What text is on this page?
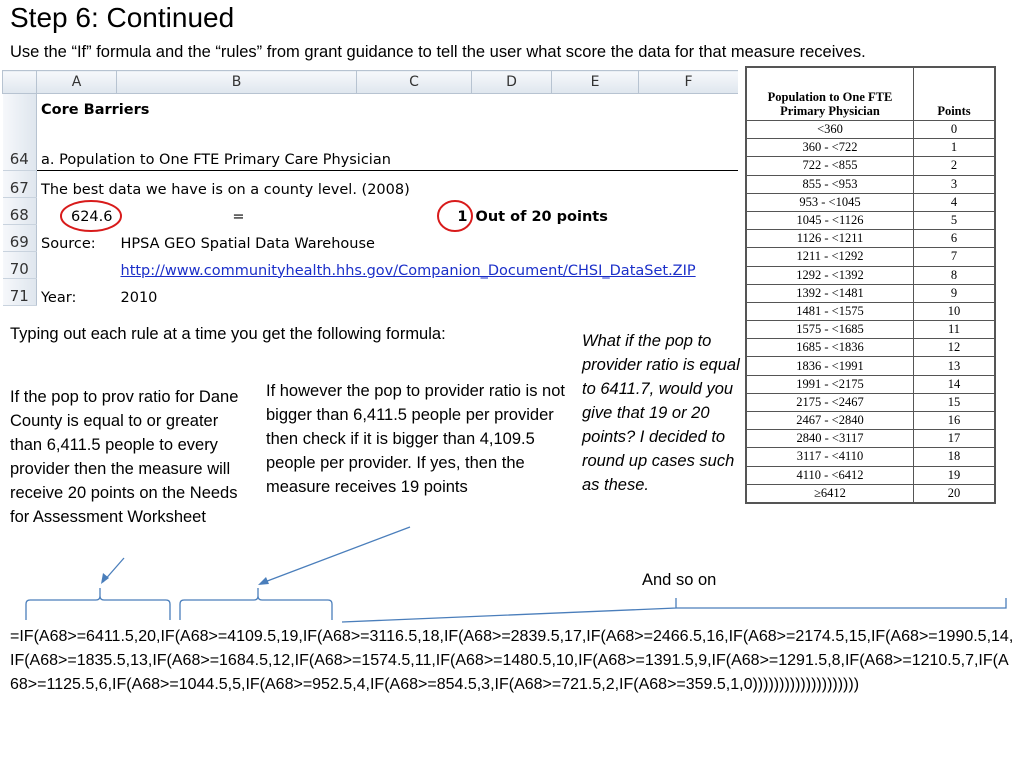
Step 6: Continued
Use the “If” formula and the “rules” from grant guidance to tell the user what score the data for that measure receives.
	A	B	C	D	E	F
64	Core Barriers
a. Population to One FTE Primary Care Physician					

67	The best data we have is on a county level. (2008)					
68	624.6	=	1	Out of 20 points		
69	Source:	HPSA GEO Spatial Data Warehouse				
70		http://www.communityhealth.hhs.gov/Companion_Document/CHSI_DataSet.ZIP				
71	Year:	2010				
Population to One FTE Primary Physician	Points
<360	0
360 - <722	1
722 - <855	2
855 - <953	3
953 - <1045	4
1045 - <1126	5
1126 - <1211	6
1211 - <1292	7
1292 - <1392	8
1392 - <1481	9
1481 - <1575	10
1575 - <1685	11
1685 - <1836	12
1836 - <1991	13
1991 - <2175	14
2175 - <2467	15
2467 - <2840	16
2840 - <3117	17
3117 - <4110	18
4110 - <6412	19
≥6412	20
Typing out each rule at a time you get the following formula:
If the pop to prov ratio for Dane County is equal to or greater than 6,411.5 people to every provider then the measure will receive 20 points on the Needs for Assessment Worksheet
If however the pop to provider ratio is not bigger than 6,411.5 people per provider then check if it is bigger than 4,109.5 people per provider. If yes, then the measure receives 19 points
What if the pop to provider ratio is equal to 6411.7, would you give that 19 or 20 points? I decided to round up cases such as these.
And so on
=IF(A68>=6411.5,20,IF(A68>=4109.5,19,IF(A68>=3116.5,18,IF(A68>=2839.5,17,IF(A68>=2466.5,16,IF(A68>=2174.5,15,IF(A68>=1990.5,14,IF(A68>=1835.5,13,IF(A68>=1684.5,12,IF(A68>=1574.5,11,IF(A68>=1480.5,10,IF(A68>=1391.5,9,IF(A68>=1291.5,8,IF(A68>=1210.5,7,IF(A68>=1125.5,6,IF(A68>=1044.5,5,IF(A68>=952.5,4,IF(A68>=854.5,3,IF(A68>=721.5,2,IF(A68>=359.5,1,0))))))))))))))))))))
